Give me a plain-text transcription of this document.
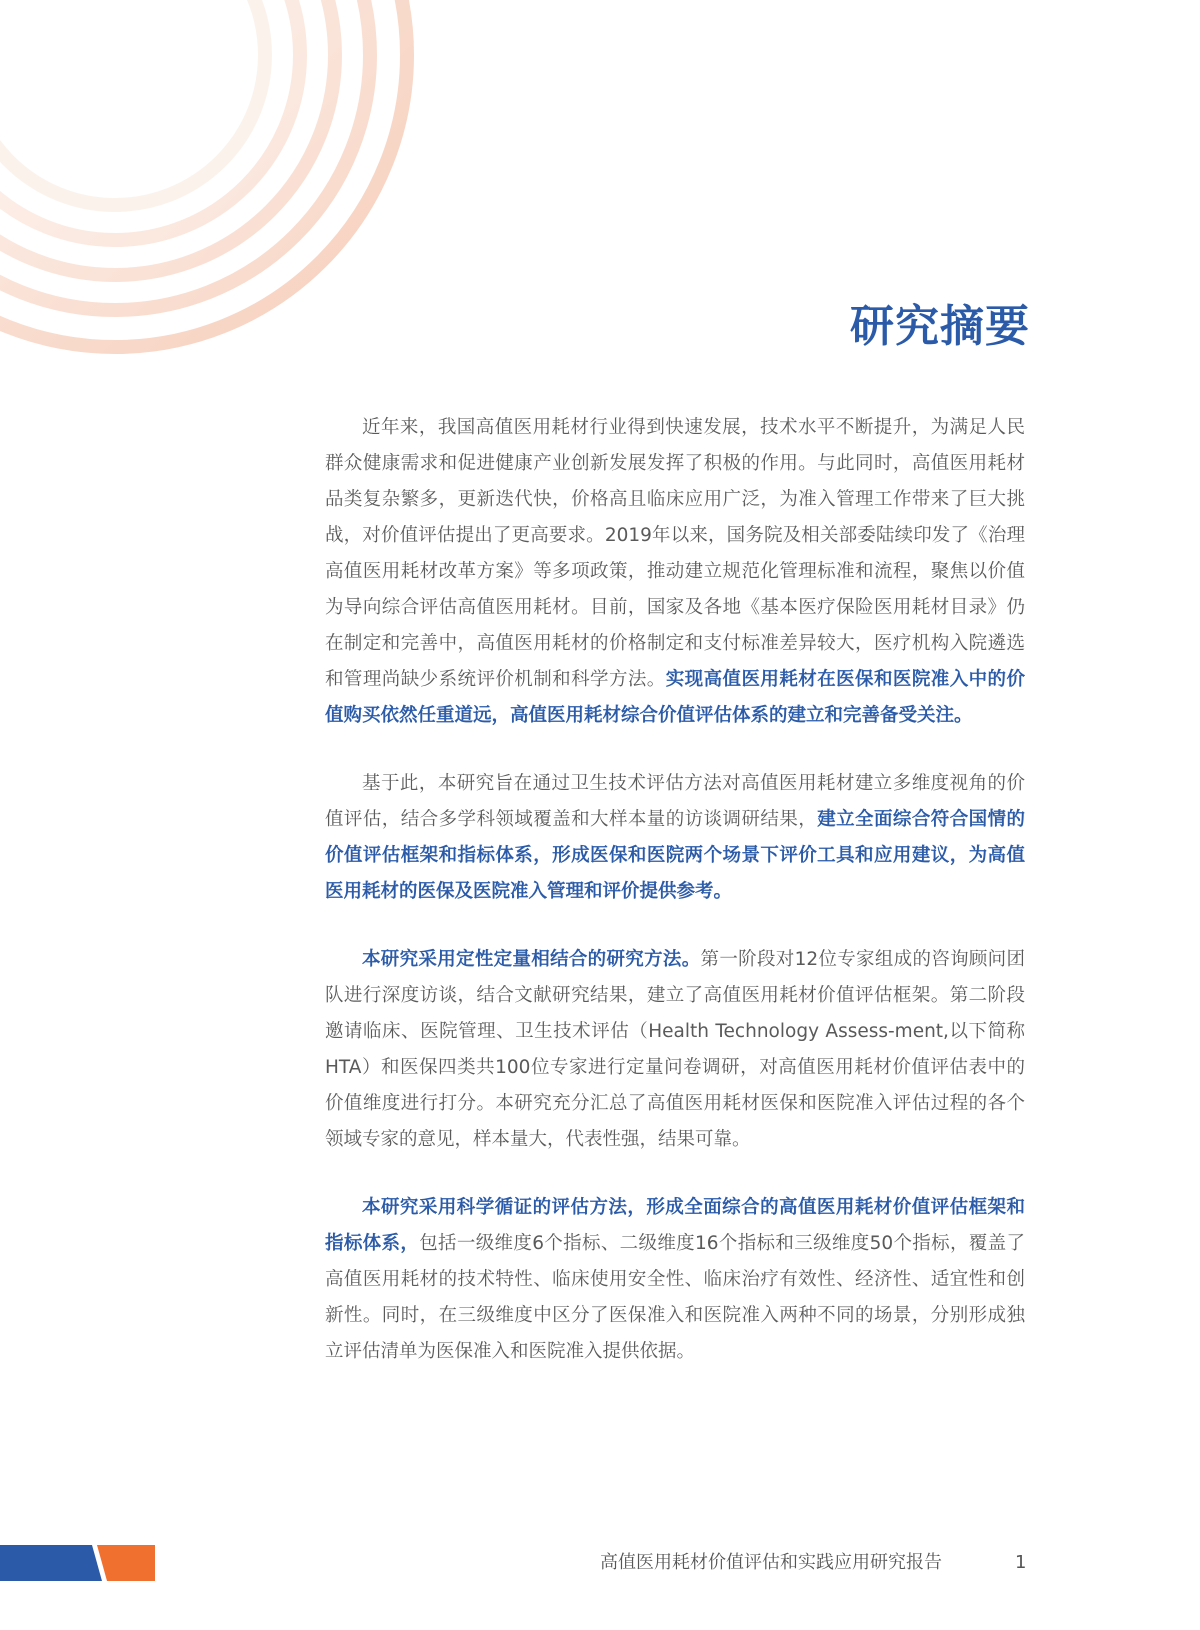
研究摘要

近年来，我国高值医用耗材行业得到快速发展，技术水平不断提升，为满足人民群众健康需求和促进健康产业创新发展发挥了积极的作用。与此同时，高值医用耗材品类复杂繁多，更新迭代快，价格高且临床应用广泛，为准入管理工作带来了巨大挑战，对价值评估提出了更高要求。2019年以来，国务院及相关部委陆续印发了《治理高值医用耗材改革方案》等多项政策，推动建立规范化管理标准和流程，聚焦以价值为导向综合评估高值医用耗材。目前，国家及各地《基本医疗保险医用耗材目录》仍在制定和完善中，高值医用耗材的价格制定和支付标准差异较大，医疗机构入院遴选和管理尚缺少系统评价机制和科学方法。实现高值医用耗材在医保和医院准入中的价值购买依然任重道远，高值医用耗材综合价值评估体系的建立和完善备受关注。

基于此，本研究旨在通过卫生技术评估方法对高值医用耗材建立多维度视角的价值评估，结合多学科领域覆盖和大样本量的访谈调研结果，建立全面综合符合国情的价值评估框架和指标体系，形成医保和医院两个场景下评价工具和应用建议，为高值医用耗材的医保及医院准入管理和评价提供参考。

本研究采用定性定量相结合的研究方法。第一阶段对12位专家组成的咨询顾问团队进行深度访谈，结合文献研究结果，建立了高值医用耗材价值评估框架。第二阶段邀请临床、医院管理、卫生技术评估（Health Technology Assess-ment,以下简称HTA）和医保四类共100位专家进行定量问卷调研，对高值医用耗材价值评估表中的价值维度进行打分。本研究充分汇总了高值医用耗材医保和医院准入评估过程的各个领域专家的意见，样本量大，代表性强，结果可靠。

本研究采用科学循证的评估方法，形成全面综合的高值医用耗材价值评估框架和指标体系，包括一级维度6个指标、二级维度16个指标和三级维度50个指标，覆盖了高值医用耗材的技术特性、临床使用安全性、临床治疗有效性、经济性、适宜性和创新性。同时，在三级维度中区分了医保准入和医院准入两种不同的场景，分别形成独立评估清单为医保准入和医院准入提供依据。

高值医用耗材价值评估和实践应用研究报告	1
